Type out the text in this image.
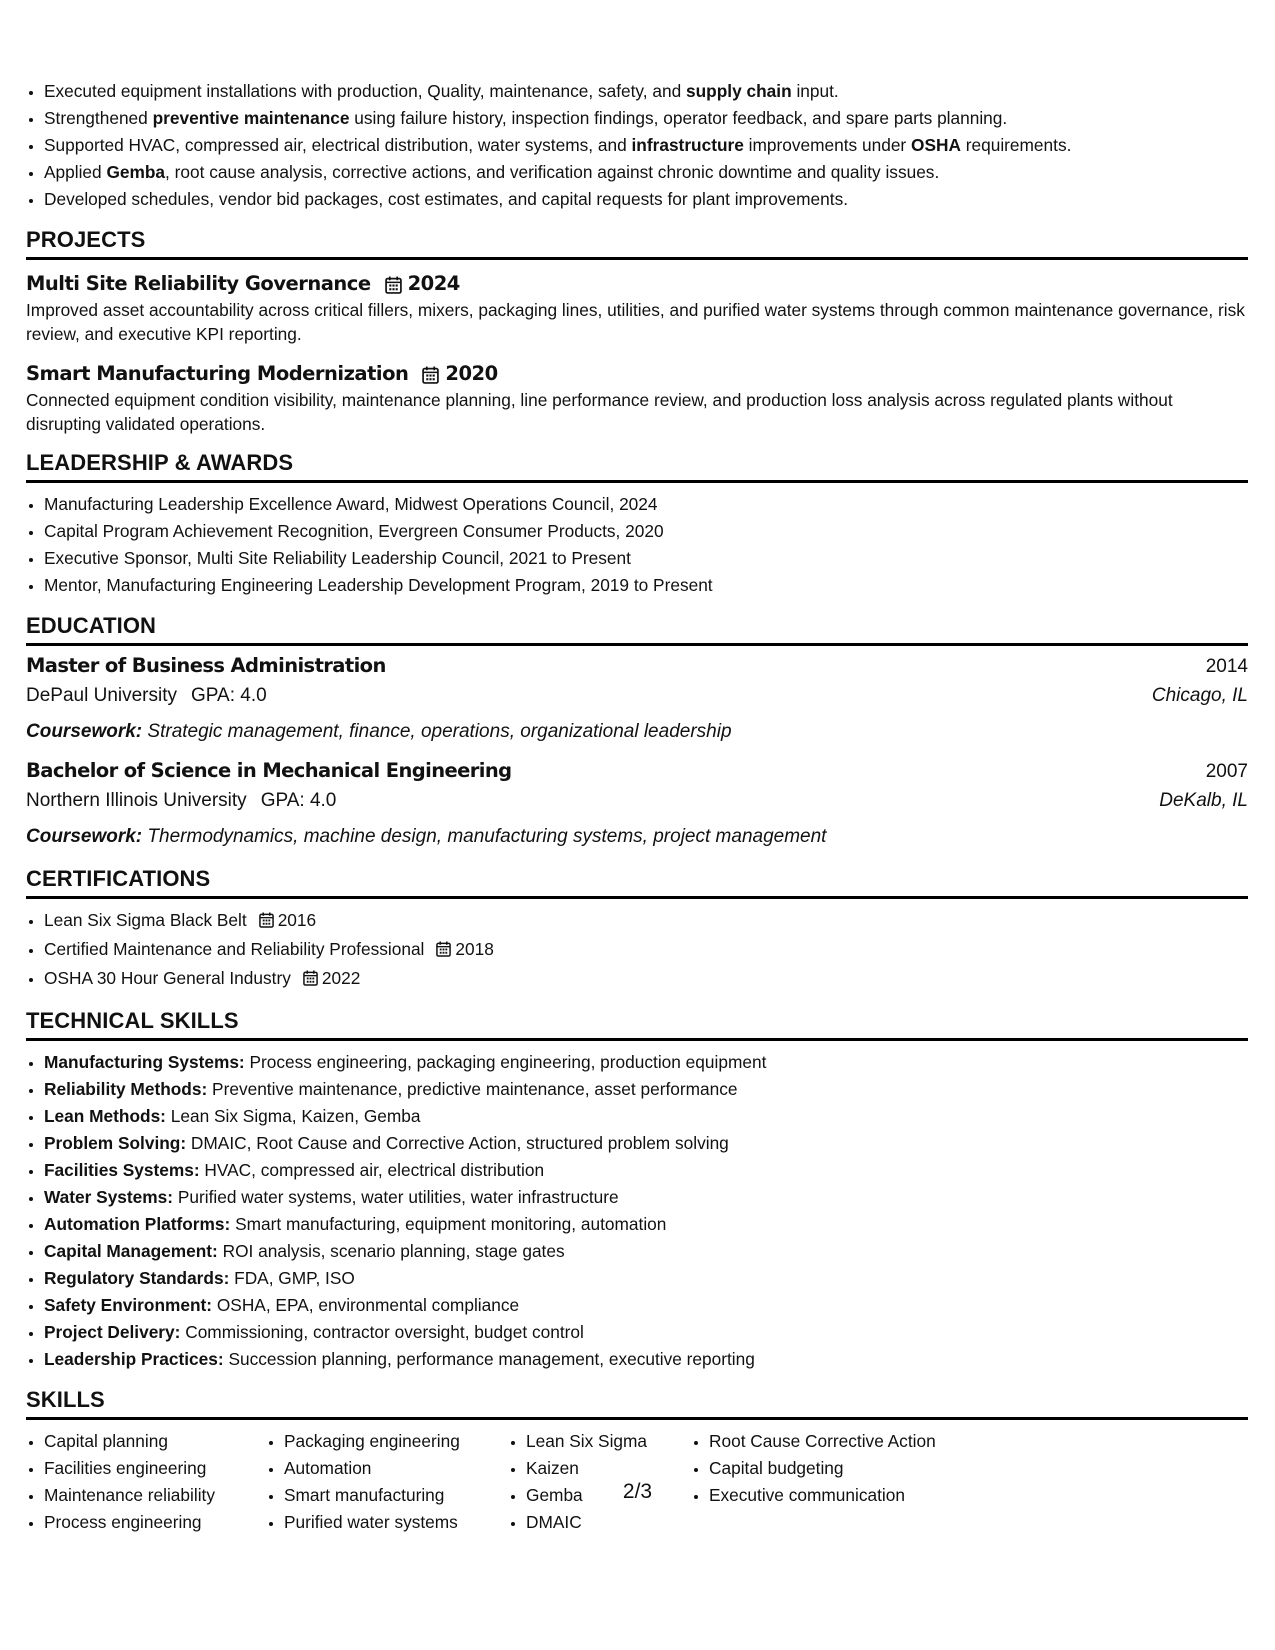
• Executed equipment installations with production, Quality, maintenance, safety, and supply chain input.
• Strengthened preventive maintenance using failure history, inspection findings, operator feedback, and spare parts planning.
• Supported HVAC, compressed air, electrical distribution, water systems, and infrastructure improvements under OSHA requirements.
• Applied Gemba, root cause analysis, corrective actions, and verification against chronic downtime and quality issues.
• Developed schedules, vendor bid packages, cost estimates, and capital requests for plant improvements.
PROJECTS
Multi Site Reliability Governance 2024
Improved asset accountability across critical fillers, mixers, packaging lines, utilities, and purified water systems through common maintenance governance, risk review, and executive KPI reporting.
Smart Manufacturing Modernization 2020
Connected equipment condition visibility, maintenance planning, line performance review, and production loss analysis across regulated plants without disrupting validated operations.
LEADERSHIP & AWARDS
• Manufacturing Leadership Excellence Award, Midwest Operations Council, 2024
• Capital Program Achievement Recognition, Evergreen Consumer Products, 2020
• Executive Sponsor, Multi Site Reliability Leadership Council, 2021 to Present
• Mentor, Manufacturing Engineering Leadership Development Program, 2019 to Present
EDUCATION
Master of Business Administration	2014
DePaul University GPA: 4.0	Chicago, IL
Coursework: Strategic management, finance, operations, organizational leadership
Bachelor of Science in Mechanical Engineering	2007
Northern Illinois University GPA: 4.0	DeKalb, IL
Coursework: Thermodynamics, machine design, manufacturing systems, project management
CERTIFICATIONS
• Lean Six Sigma Black Belt 2016
• Certified Maintenance and Reliability Professional 2018
• OSHA 30 Hour General Industry 2022
TECHNICAL SKILLS
• Manufacturing Systems: Process engineering, packaging engineering, production equipment
• Reliability Methods: Preventive maintenance, predictive maintenance, asset performance
• Lean Methods: Lean Six Sigma, Kaizen, Gemba
• Problem Solving: DMAIC, Root Cause and Corrective Action, structured problem solving
• Facilities Systems: HVAC, compressed air, electrical distribution
• Water Systems: Purified water systems, water utilities, water infrastructure
• Automation Platforms: Smart manufacturing, equipment monitoring, automation
• Capital Management: ROI analysis, scenario planning, stage gates
• Regulatory Standards: FDA, GMP, ISO
• Safety Environment: OSHA, EPA, environmental compliance
• Project Delivery: Commissioning, contractor oversight, budget control
• Leadership Practices: Succession planning, performance management, executive reporting
SKILLS
• Capital planning
• Facilities engineering
• Maintenance reliability
• Process engineering
• Packaging engineering
• Automation
• Smart manufacturing
• Purified water systems
• Lean Six Sigma
• Kaizen
• Gemba
• DMAIC
• Root Cause Corrective Action
• Capital budgeting
• Executive communication
2/3
